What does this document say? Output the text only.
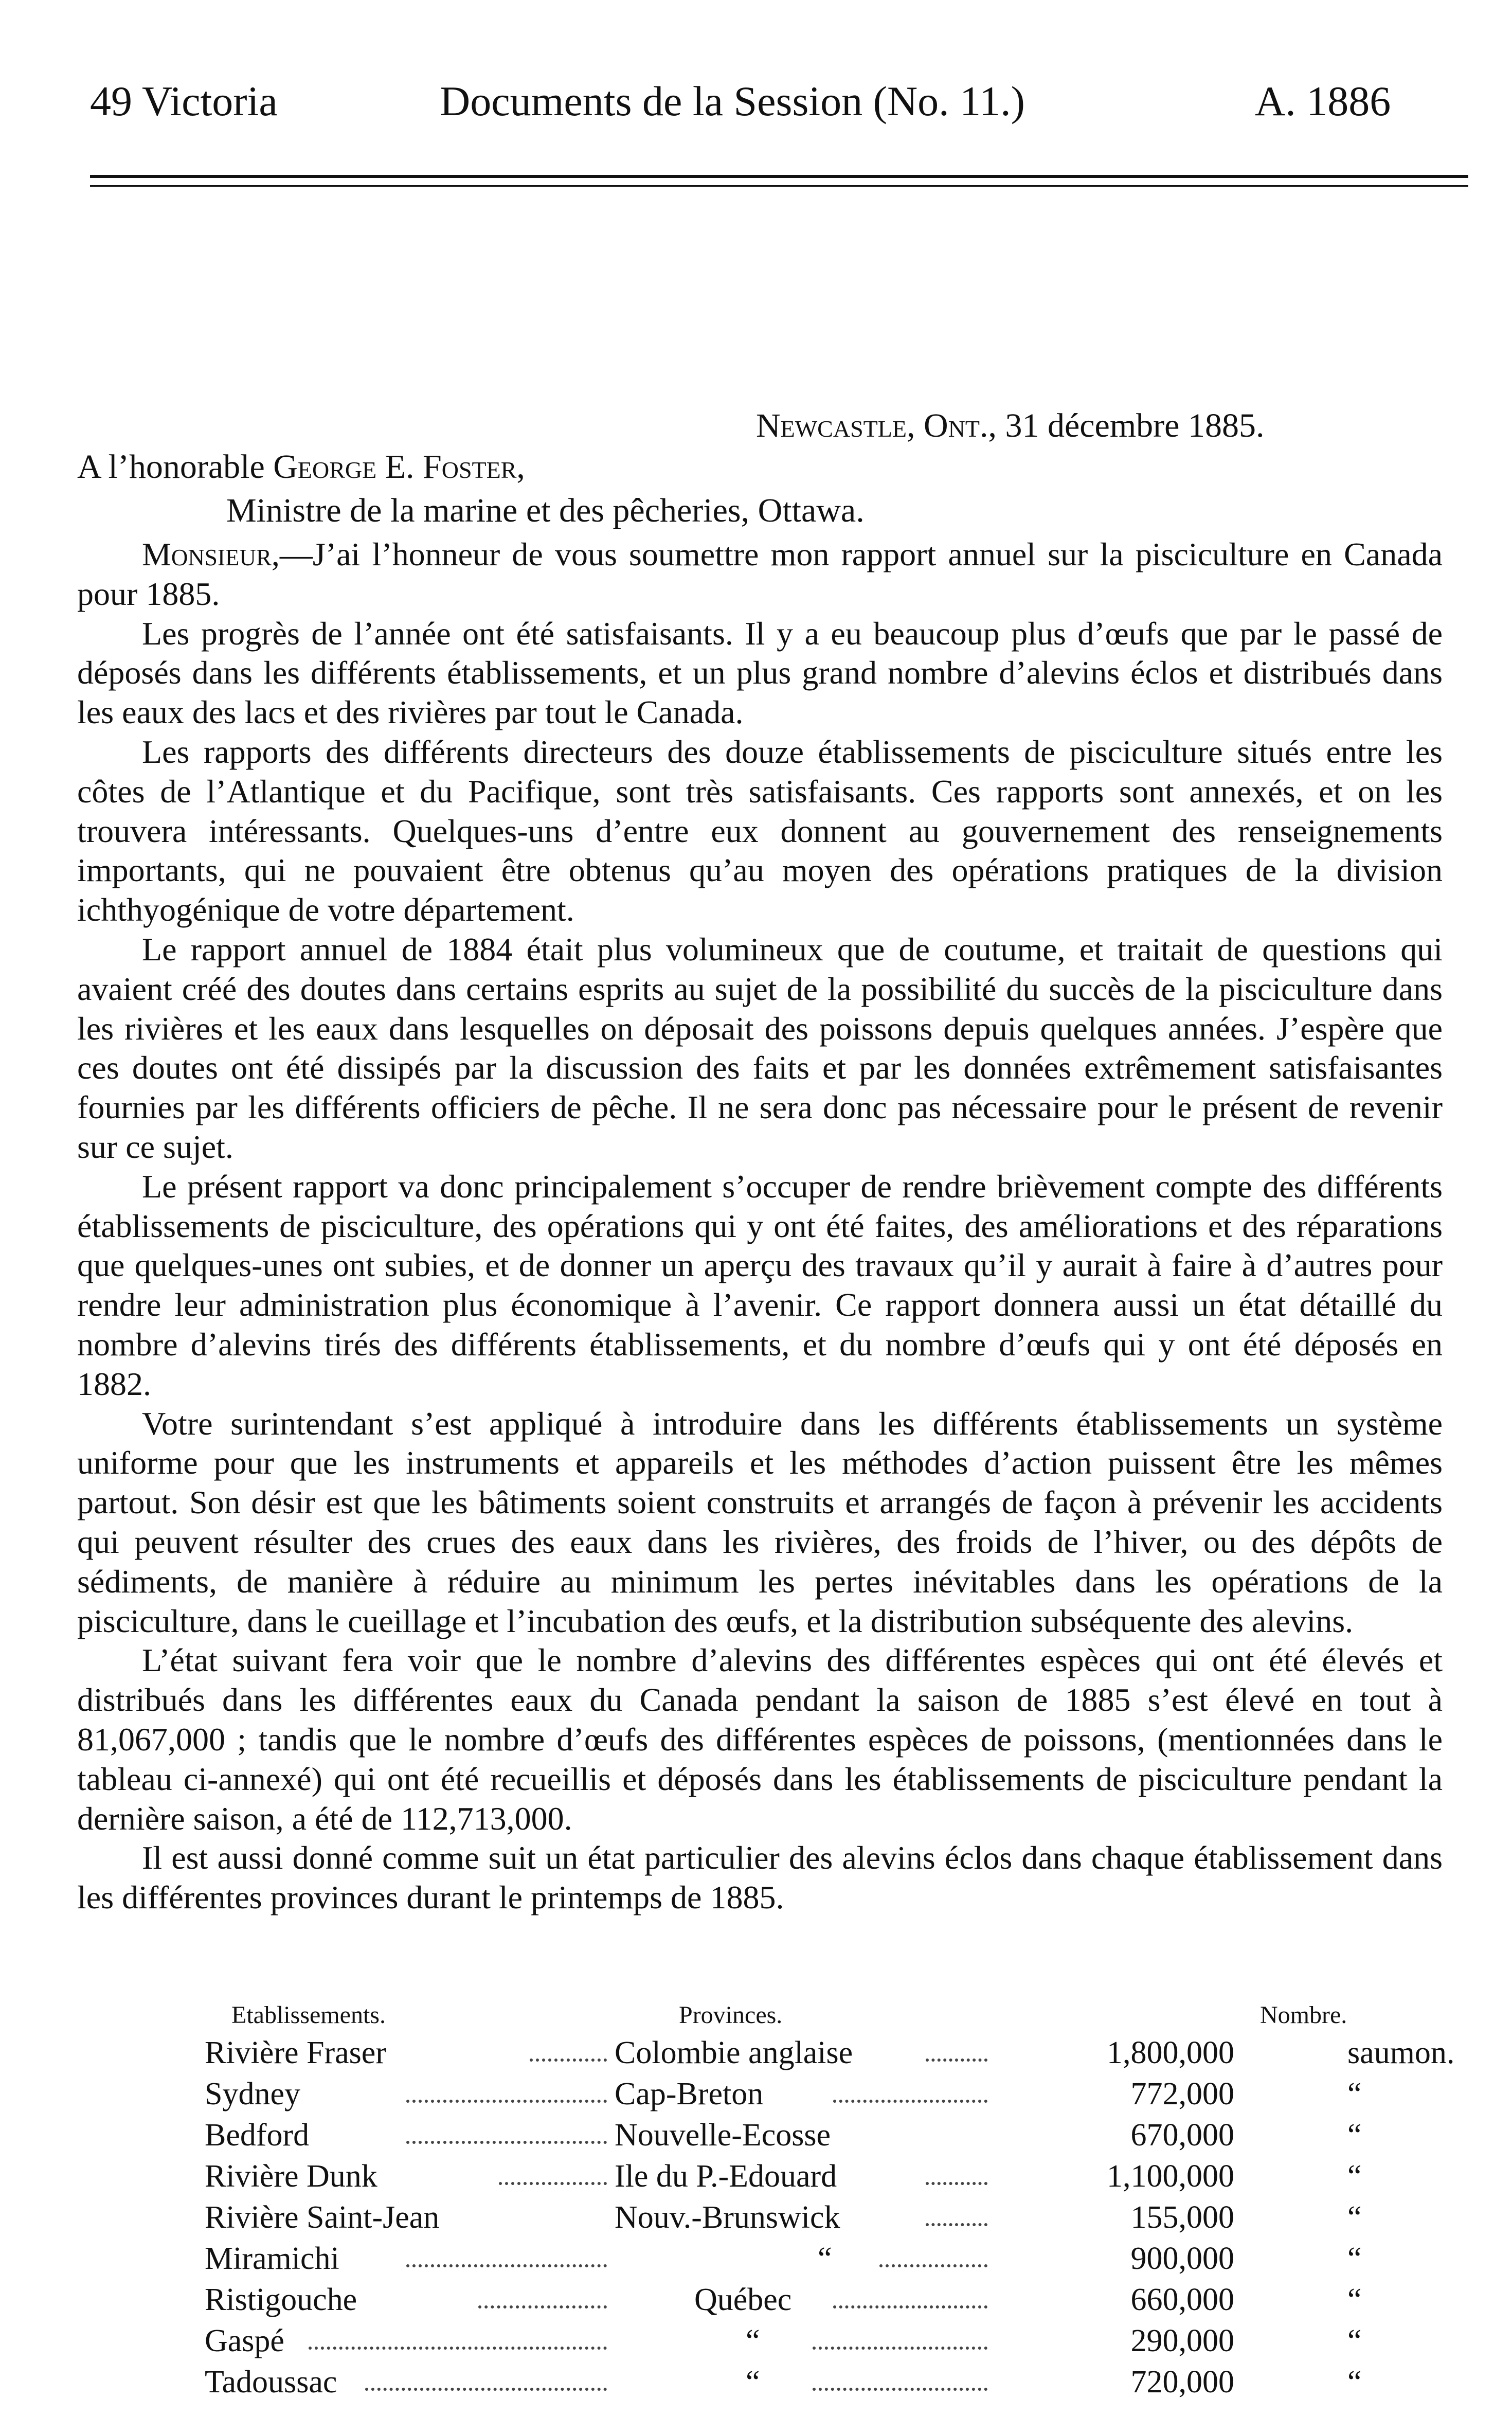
49 Victoria	Documents de la Session (No. 11.)	A. 1886
Newcastle, Ont., 31 décembre 1885.
A l’honorable George E. Foster,
Ministre de la marine et des pêcheries, Ottawa.

Monsieur,—J’ai l’honneur de vous soumettre mon rapport annuel sur la pisciculture en Canada pour 1885.

Les progrès de l’année ont été satisfaisants. Il y a eu beaucoup plus d’œufs que par le passé de déposés dans les différents établissements, et un plus grand nombre d’alevins éclos et distribués dans les eaux des lacs et des rivières par tout le Canada.

Les rapports des différents directeurs des douze établissements de pisciculture situés entre les côtes de l’Atlantique et du Pacifique, sont très satisfaisants. Ces rapports sont annexés, et on les trouvera intéressants. Quelques-uns d’entre eux donnent au gouvernement des renseignements importants, qui ne pouvaient être obtenus qu’au moyen des opérations pratiques de la division ichthyogénique de votre département.

Le rapport annuel de 1884 était plus volumineux que de coutume, et traitait de questions qui avaient créé des doutes dans certains esprits au sujet de la possibilité du succès de la pisciculture dans les rivières et les eaux dans lesquelles on déposait des poissons depuis quelques années. J’espère que ces doutes ont été dissipés par la discussion des faits et par les données extrêmement satisfaisantes fournies par les différents officiers de pêche. Il ne sera donc pas nécessaire pour le présent de revenir sur ce sujet.

Le présent rapport va donc principalement s’occuper de rendre brièvement compte des différents établissements de pisciculture, des opérations qui y ont été faites, des améliorations et des réparations que quelques-unes ont subies, et de donner un aperçu des travaux qu’il y aurait à faire à d’autres pour rendre leur administration plus économique à l’avenir. Ce rapport donnera aussi un état détaillé du nombre d’alevins tirés des différents établissements, et du nombre d’œufs qui y ont été déposés en 1882.

Votre surintendant s’est appliqué à introduire dans les différents établissements un système uniforme pour que les instruments et appareils et les méthodes d’action puissent être les mêmes partout. Son désir est que les bâtiments soient construits et arrangés de façon à prévenir les accidents qui peuvent résulter des crues des eaux dans les rivières, des froids de l’hiver, ou des dépôts de sédiments, de manière à réduire au minimum les pertes inévitables dans les opérations de la pisciculture, dans le cueillage et l’incubation des œufs, et la distribution subséquente des alevins.

L’état suivant fera voir que le nombre d’alevins des différentes espèces qui ont été élevés et distribués dans les différentes eaux du Canada pendant la saison de 1885 s’est élevé en tout à 81,067,000 ; tandis que le nombre d’œufs des différentes espèces de poissons, (mentionnées dans le tableau ci-annexé) qui ont été recueillis et déposés dans les établissements de pisciculture pendant la dernière saison, a été de 112,713,000.

Il est aussi donné comme suit un état particulier des alevins éclos dans chaque établissement dans les différentes provinces durant le printemps de 1885.

Etablissements.	Provinces.	Nombre.
Rivière Fraser	Colombie anglaise	1,800,000	saumon.
Sydney	Cap-Breton	772,000	“
Bedford	Nouvelle-Ecosse	670,000	“
Rivière Dunk	Ile du P.-Edouard	1,100,000	“
Rivière Saint-Jean	Nouv.-Brunswick	155,000	“
Miramichi	“	900,000	“
Ristigouche	Québec	660,000	“
Gaspé	“	290,000	“
Tadoussac	“	720,000	“
